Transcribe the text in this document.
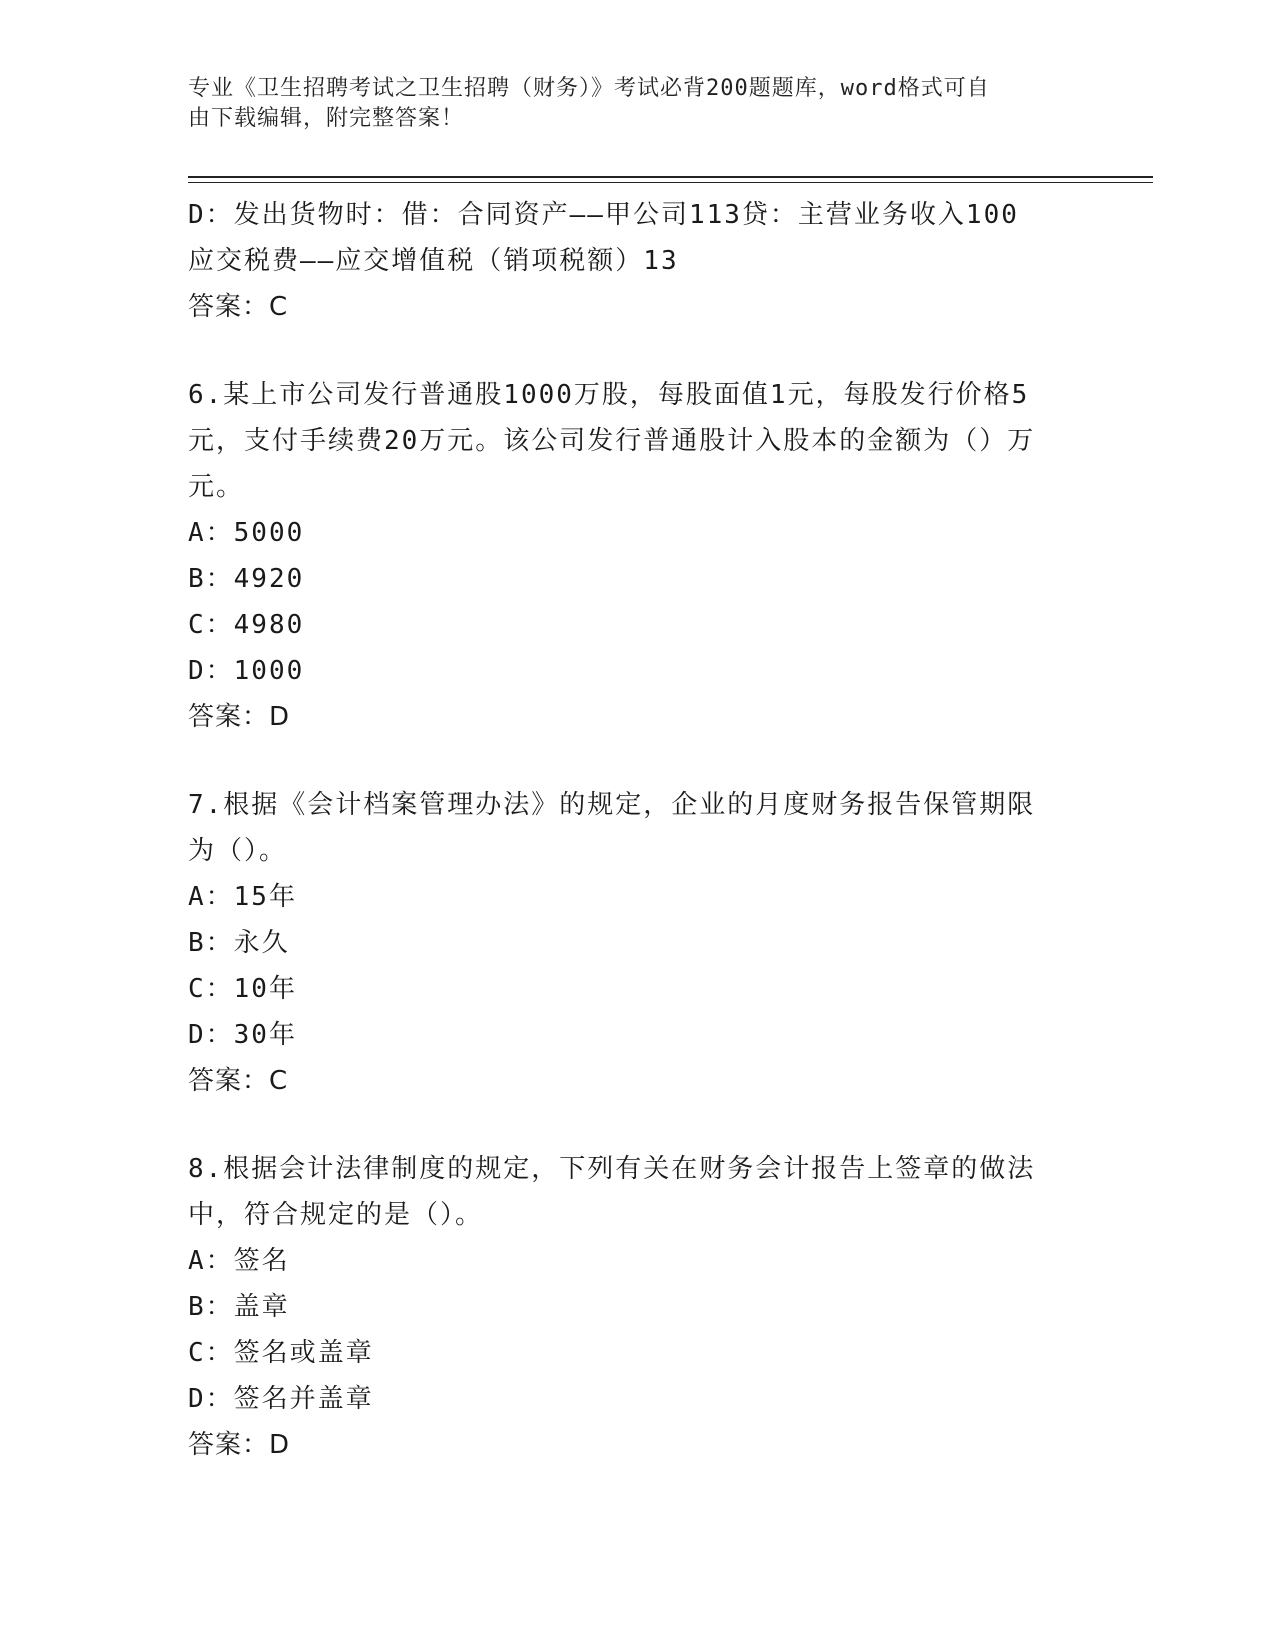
专业《卫生招聘考试之卫生招聘（财务）》考试必背200题题库，word格式可自
由下载编辑，附完整答案！
D：发出货物时：借：合同资产——甲公司113贷：主营业务收入100
应交税费——应交增值税（销项税额）13
答案：C
6.某上市公司发行普通股1000万股，每股面值1元，每股发行价格5
元，支付手续费20万元。该公司发行普通股计入股本的金额为（）万
元。
A：5000
B：4920
C：4980
D：1000
答案：D
7.根据《会计档案管理办法》的规定，企业的月度财务报告保管期限
为（）。
A：15年
B：永久
C：10年
D：30年
答案：C
8.根据会计法律制度的规定，下列有关在财务会计报告上签章的做法
中，符合规定的是（）。
A：签名
B：盖章
C：签名或盖章
D：签名并盖章
答案：D
